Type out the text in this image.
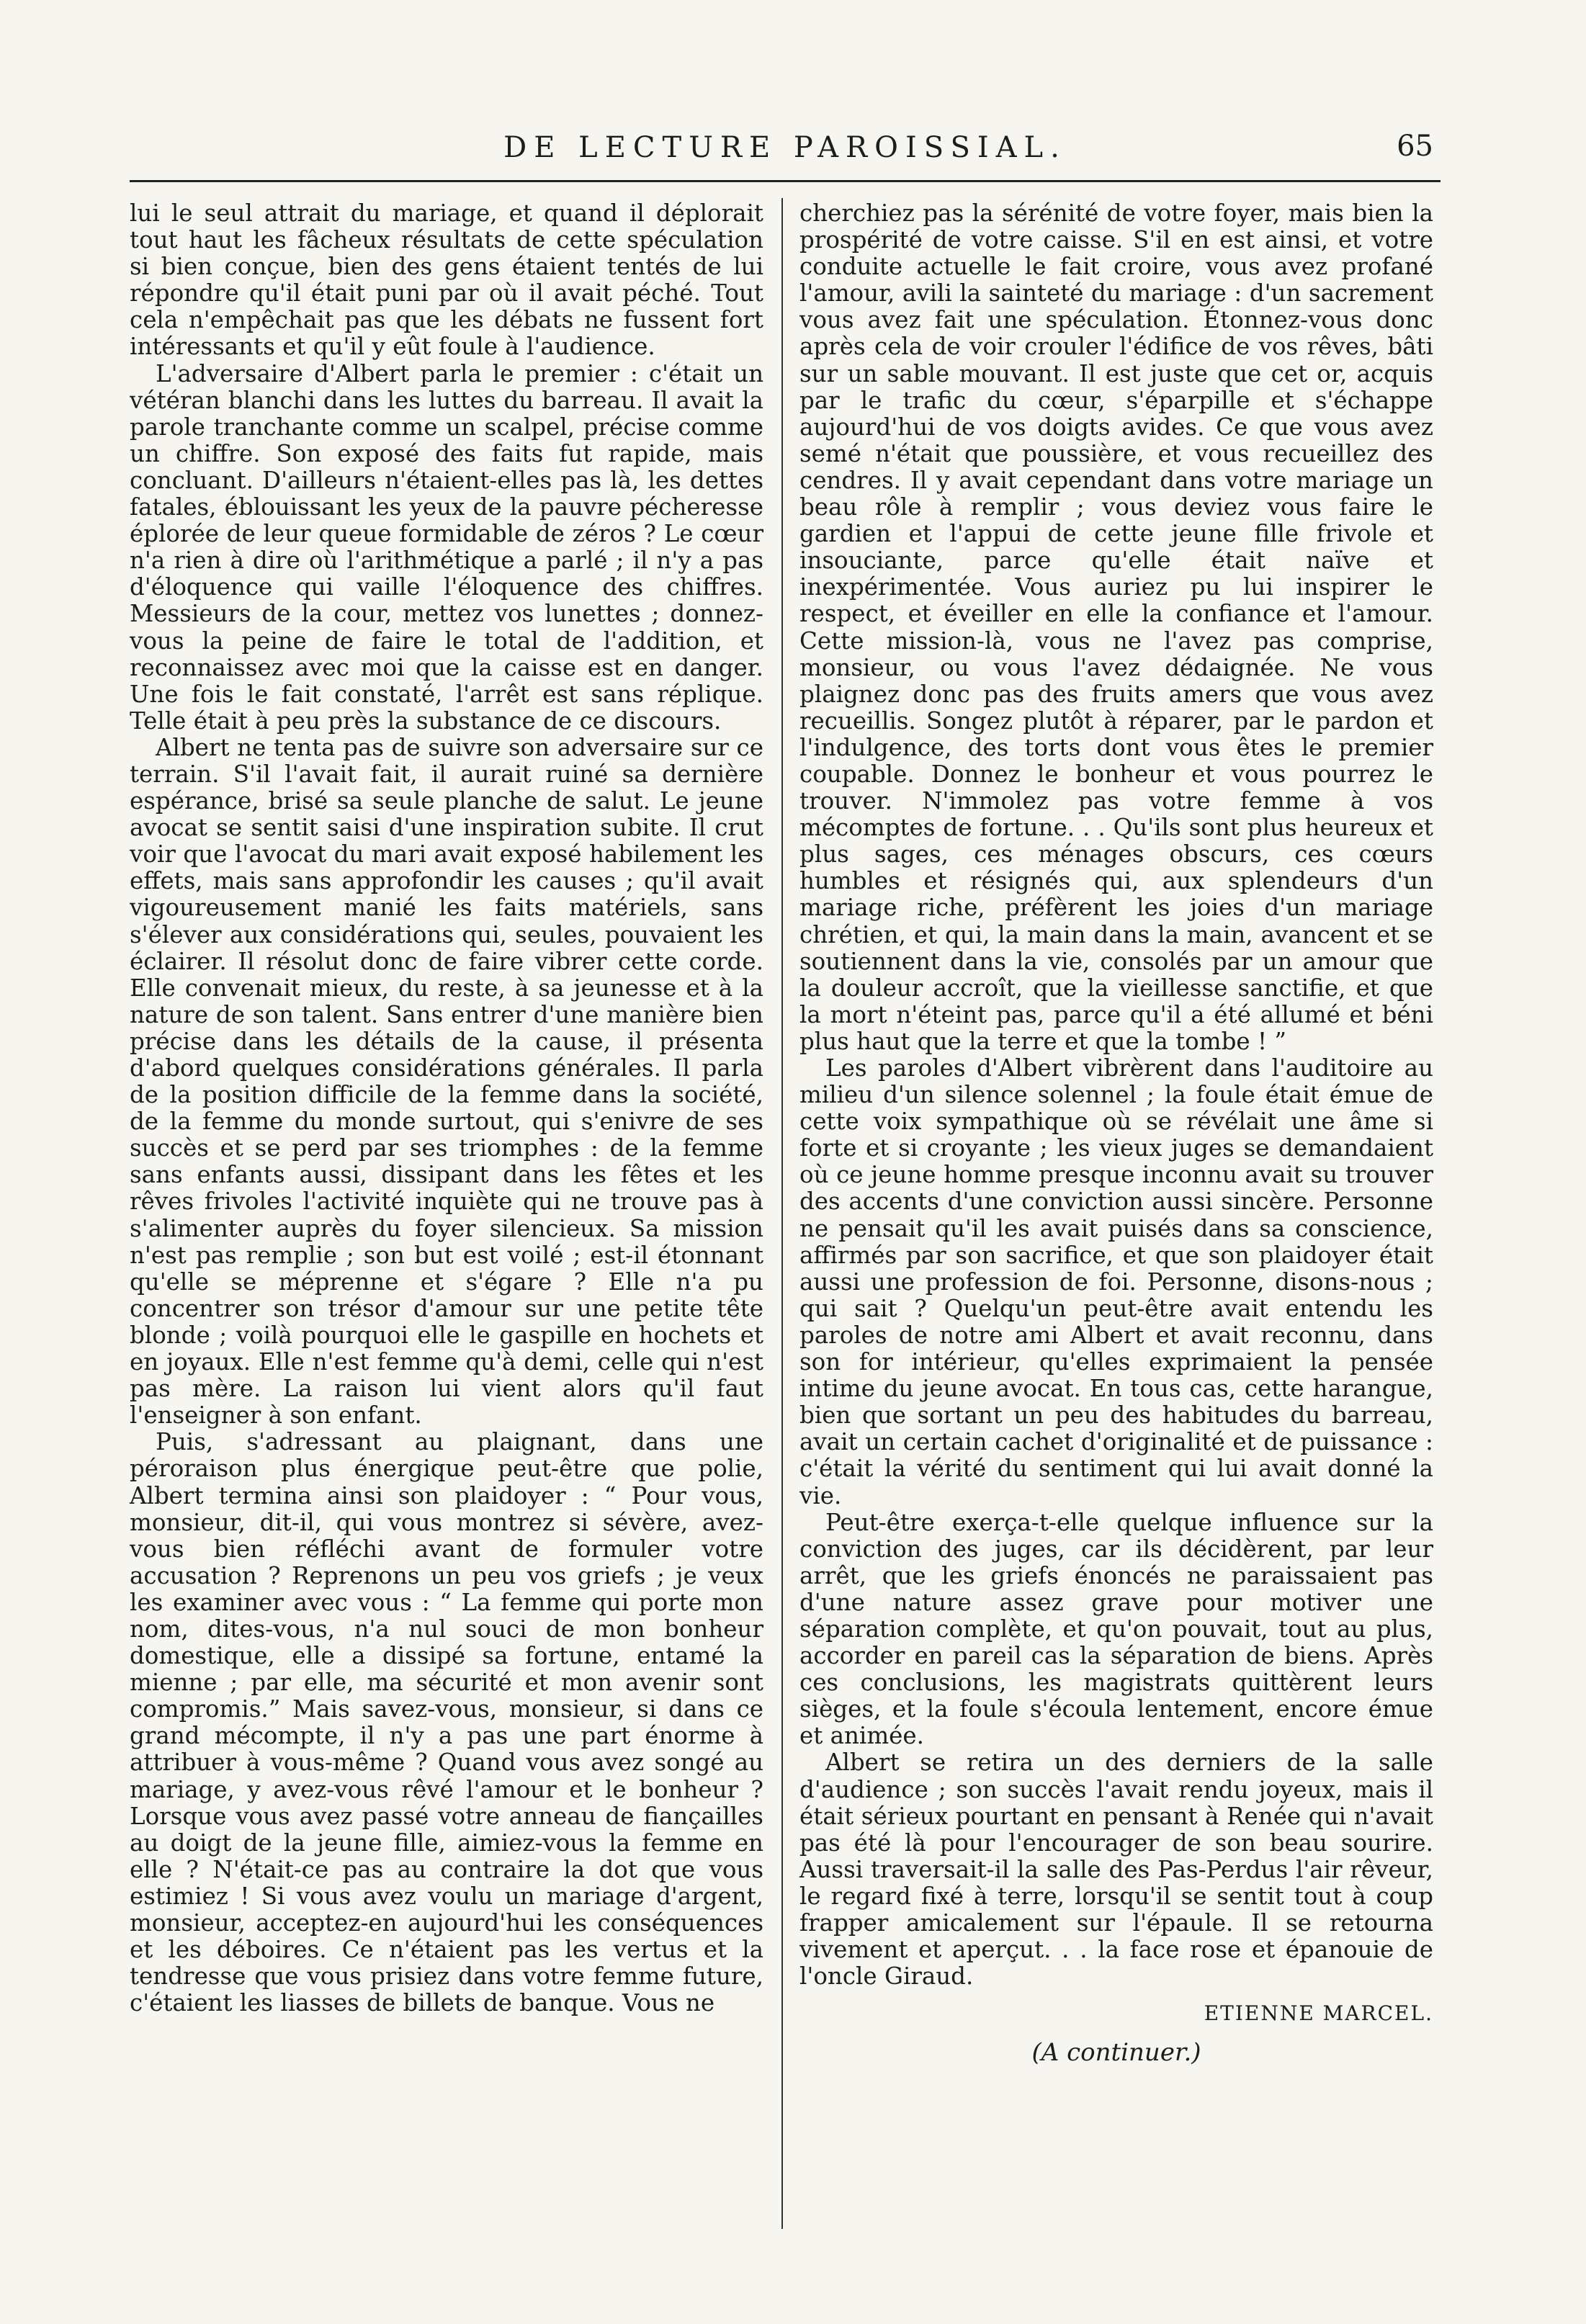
DE LECTURE PAROISSIAL.	65

lui le seul attrait du mariage, et quand il déplorait tout haut les fâcheux résultats de cette spéculation si bien conçue, bien des gens étaient tentés de lui répondre qu'il était puni par où il avait péché. Tout cela n'empêchait pas que les débats ne fussent fort intéressants et qu'il y eût foule à l'audience.

L'adversaire d'Albert parla le premier : c'était un vétéran blanchi dans les luttes du barreau. Il avait la parole tranchante comme un scalpel, précise comme un chiffre. Son exposé des faits fut rapide, mais concluant. D'ailleurs n'étaient-elles pas là, les dettes fatales, éblouissant les yeux de la pauvre pécheresse éplorée de leur queue formidable de zéros ? Le cœur n'a rien à dire où l'arithmétique a parlé ; il n'y a pas d'éloquence qui vaille l'éloquence des chiffres. Messieurs de la cour, mettez vos lunettes ; donnez-vous la peine de faire le total de l'addition, et reconnaissez avec moi que la caisse est en danger. Une fois le fait constaté, l'arrêt est sans réplique. Telle était à peu près la substance de ce discours.

Albert ne tenta pas de suivre son adversaire sur ce terrain. S'il l'avait fait, il aurait ruiné sa dernière espérance, brisé sa seule planche de salut. Le jeune avocat se sentit saisi d'une inspiration subite. Il crut voir que l'avocat du mari avait exposé habilement les effets, mais sans approfondir les causes ; qu'il avait vigoureusement manié les faits matériels, sans s'élever aux considérations qui, seules, pouvaient les éclairer. Il résolut donc de faire vibrer cette corde. Elle convenait mieux, du reste, à sa jeunesse et à la nature de son talent. Sans entrer d'une manière bien précise dans les détails de la cause, il présenta d'abord quelques considérations générales. Il parla de la position difficile de la femme dans la société, de la femme du monde surtout, qui s'enivre de ses succès et se perd par ses triomphes : de la femme sans enfants aussi, dissipant dans les fêtes et les rêves frivoles l'activité inquiète qui ne trouve pas à s'alimenter auprès du foyer silencieux. Sa mission n'est pas remplie ; son but est voilé ; est-il étonnant qu'elle se méprenne et s'égare ? Elle n'a pu concentrer son trésor d'amour sur une petite tête blonde ; voilà pourquoi elle le gaspille en hochets et en joyaux. Elle n'est femme qu'à demi, celle qui n'est pas mère. La raison lui vient alors qu'il faut l'enseigner à son enfant.

Puis, s'adressant au plaignant, dans une péroraison plus énergique peut-être que polie, Albert termina ainsi son plaidoyer : “ Pour vous, monsieur, dit-il, qui vous montrez si sévère, avez-vous bien réfléchi avant de formuler votre accusation ? Reprenons un peu vos griefs ; je veux les examiner avec vous : “ La femme qui porte mon nom, dites-vous, n'a nul souci de mon bonheur domestique, elle a dissipé sa fortune, entamé la mienne ; par elle, ma sécurité et mon avenir sont compromis.” Mais savez-vous, monsieur, si dans ce grand mécompte, il n'y a pas une part énorme à attribuer à vous-même ? Quand vous avez songé au mariage, y avez-vous rêvé l'amour et le bonheur ? Lorsque vous avez passé votre anneau de fiançailles au doigt de la jeune fille, aimiez-vous la femme en elle ? N'était-ce pas au contraire la dot que vous estimiez ! Si vous avez voulu un mariage d'argent, monsieur, acceptez-en aujourd'hui les conséquences et les déboires. Ce n'étaient pas les vertus et la tendresse que vous prisiez dans votre femme future, c'étaient les liasses de billets de banque. Vous ne

cherchiez pas la sérénité de votre foyer, mais bien la prospérité de votre caisse. S'il en est ainsi, et votre conduite actuelle le fait croire, vous avez profané l'amour, avili la sainteté du mariage : d'un sacrement vous avez fait une spéculation. Étonnez-vous donc après cela de voir crouler l'édifice de vos rêves, bâti sur un sable mouvant. Il est juste que cet or, acquis par le trafic du cœur, s'éparpille et s'échappe aujourd'hui de vos doigts avides. Ce que vous avez semé n'était que poussière, et vous recueillez des cendres. Il y avait cependant dans votre mariage un beau rôle à remplir ; vous deviez vous faire le gardien et l'appui de cette jeune fille frivole et insouciante, parce qu'elle était naïve et inexpérimentée. Vous auriez pu lui inspirer le respect, et éveiller en elle la confiance et l'amour. Cette mission-là, vous ne l'avez pas comprise, monsieur, ou vous l'avez dédaignée. Ne vous plaignez donc pas des fruits amers que vous avez recueillis. Songez plutôt à réparer, par le pardon et l'indulgence, des torts dont vous êtes le premier coupable. Donnez le bonheur et vous pourrez le trouver. N'immolez pas votre femme à vos mécomptes de fortune. . . Qu'ils sont plus heureux et plus sages, ces ménages obscurs, ces cœurs humbles et résignés qui, aux splendeurs d'un mariage riche, préfèrent les joies d'un mariage chrétien, et qui, la main dans la main, avancent et se soutiennent dans la vie, consolés par un amour que la douleur accroît, que la vieillesse sanctifie, et que la mort n'éteint pas, parce qu'il a été allumé et béni plus haut que la terre et que la tombe ! ”

Les paroles d'Albert vibrèrent dans l'auditoire au milieu d'un silence solennel ; la foule était émue de cette voix sympathique où se révélait une âme si forte et si croyante ; les vieux juges se demandaient où ce jeune homme presque inconnu avait su trouver des accents d'une conviction aussi sincère. Personne ne pensait qu'il les avait puisés dans sa conscience, affirmés par son sacrifice, et que son plaidoyer était aussi une profession de foi. Personne, disons-nous ; qui sait ? Quelqu'un peut-être avait entendu les paroles de notre ami Albert et avait reconnu, dans son for intérieur, qu'elles exprimaient la pensée intime du jeune avocat. En tous cas, cette harangue, bien que sortant un peu des habitudes du barreau, avait un certain cachet d'originalité et de puissance : c'était la vérité du sentiment qui lui avait donné la vie.

Peut-être exerça-t-elle quelque influence sur la conviction des juges, car ils décidèrent, par leur arrêt, que les griefs énoncés ne paraissaient pas d'une nature assez grave pour motiver une séparation complète, et qu'on pouvait, tout au plus, accorder en pareil cas la séparation de biens. Après ces conclusions, les magistrats quittèrent leurs sièges, et la foule s'écoula lentement, encore émue et animée.

Albert se retira un des derniers de la salle d'audience ; son succès l'avait rendu joyeux, mais il était sérieux pourtant en pensant à Renée qui n'avait pas été là pour l'encourager de son beau sourire. Aussi traversait-il la salle des Pas-Perdus l'air rêveur, le regard fixé à terre, lorsqu'il se sentit tout à coup frapper amicalement sur l'épaule. Il se retourna vivement et aperçut. . . la face rose et épanouie de l'oncle Giraud.

ETIENNE MARCEL.
(A continuer.)
